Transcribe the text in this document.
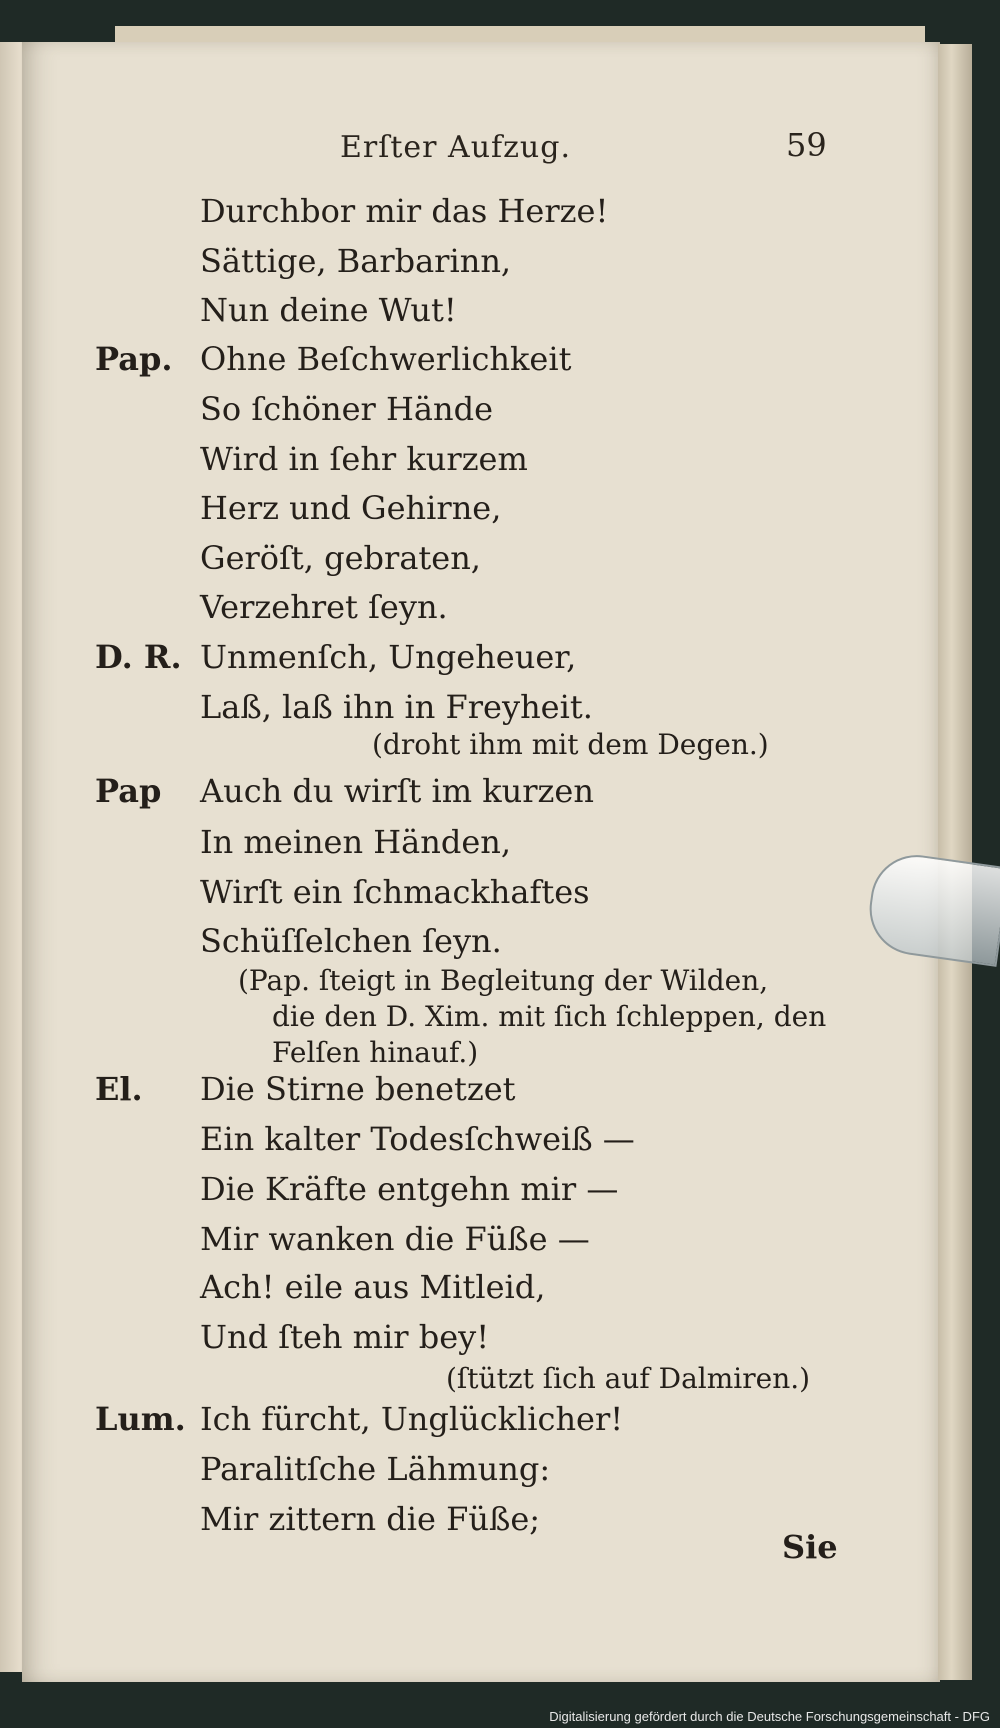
Erſter Aufzug.	59
Pap.
D. R.
Pap
El.
Lum.
Durchbor mir das Herze!
Sättige, Barbarinn,
Nun deine Wut!
Ohne Beſchwerlichkeit
So ſchöner Hände
Wird in ſehr kurzem
Herz und Gehirne,
Geröſt, gebraten,
Verzehret ſeyn.
Unmenſch, Ungeheuer,
Laß, laß ihn in Freyheit.
(droht ihm mit dem Degen.)
Auch du wirſt im kurzen
In meinen Händen,
Wirſt ein ſchmackhaftes
Schüſſelchen ſeyn.
(Pap. ſteigt in Begleitung der Wilden,
die den D. Xim. mit ſich ſchleppen, den
Felſen hinauf.)
Die Stirne benetzet
Ein kalter Todesſchweiß —
Die Kräfte entgehn mir —
Mir wanken die Füße —
Ach! eile aus Mitleid,
Und ſteh mir bey!
(ſtützt ſich auf Dalmiren.)
Ich fürcht, Unglücklicher!
Paralitſche Lähmung:
Mir zittern die Füße;
Sie
Digitalisierung gefördert durch die Deutsche Forschungsgemeinschaft - DFG
